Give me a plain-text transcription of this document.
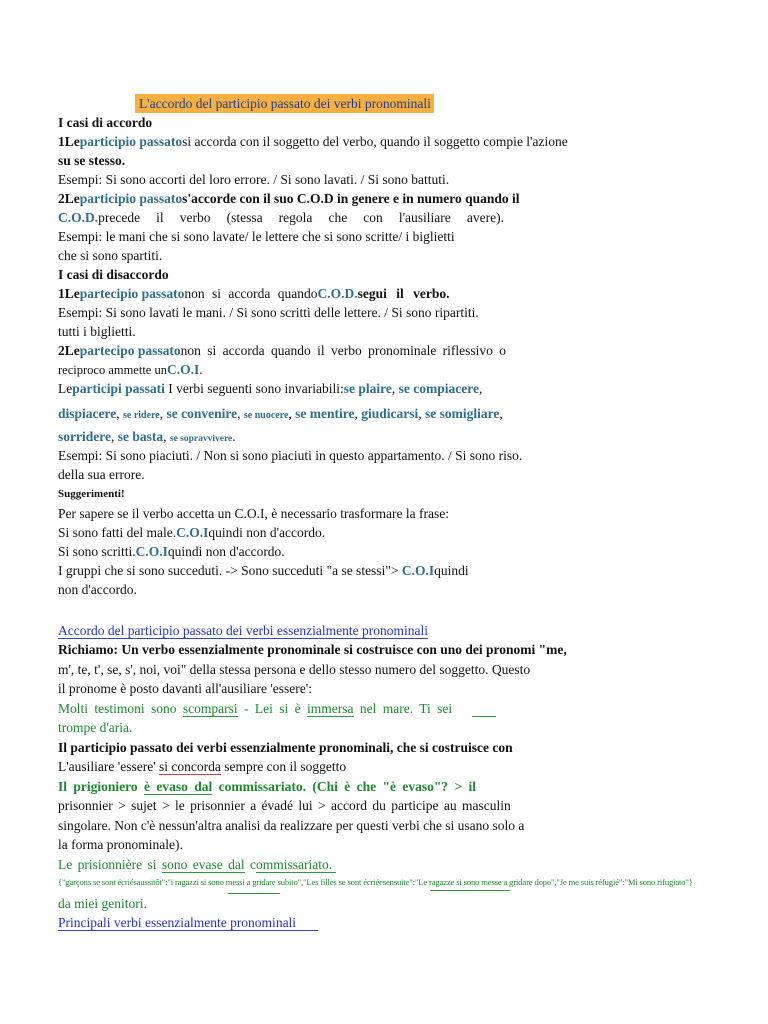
L'accordo del participio passato dei verbi pronominali
I casi di accordo
1Leparticipio passatosi accorda con il soggetto del verbo, quando il soggetto compie l'azione
su se stesso.
Esempi: Si sono accorti del loro errore. / Si sono lavati. / Si sono battuti.
2Leparticipio passatos'accorde con il suo C.O.D in genere e in numero quando il
C.O.D.precede il verbo (stessa regola che con l'ausiliare avere).
Esempi: le mani che si sono lavate/ le lettere che si sono scritte/ i biglietti
che si sono spartiti.
I casi di disaccordo
1Lepartecipio passatonon si accorda quandoC.O.D.segui il verbo.
Esempi: Si sono lavati le mani. / Si sono scritti delle lettere. / Si sono ripartiti.
tutti i biglietti.
2Lepartecipo passatonon si accorda quando il verbo pronominale riflessivo o
reciproco ammette unC.O.I.
Leparticipi passati I verbi seguenti sono invariabili:se plaire, se compiacere,
dispiacere, se ridere, se convenire, se nuocere, se mentire, giudicarsi, se somigliare,
sorridere, se basta, se sopravvivere.
Esempi: Si sono piaciuti. / Non si sono piaciuti in questo appartamento. / Si sono riso.
della sua errore.
Suggerimenti!
Per sapere se il verbo accetta un C.O.I, è necessario trasformare la frase:
Si sono fatti del male.C.O.Iquindi non d'accordo.
Si sono scritti.C.O.Iquindi non d'accordo.
I gruppi che si sono succeduti. -> Sono succeduti "a se stessi"> C.O.Iquindi
non d'accordo.
Accordo del participio passato dei verbi essenzialmente pronominali
Richiamo: Un verbo essenzialmente pronominale si costruisce con uno dei pronomi "me,
m', te, t', se, s', noi, voi" della stessa persona e dello stesso numero del soggetto. Questo
il pronome è posto davanti all'ausiliare 'essere':
Molti testimoni sono scomparsi - Lei si è immersa nel mare. Ti sei
trompe d'aria.
Il participio passato dei verbi essenzialmente pronominali, che si costruisce con
L'ausiliare 'essere' si concorda sempre con il soggetto
Il prigioniero è evaso dal commissariato. (Chi è che "è evaso"? > il
prisonnier > sujet > le prisonnier a évadé lui > accord du participe au masculin
singolare. Non c'è nessun'altra analisi da realizzare per questi verbi che si usano solo a
la forma pronominale).
Le prisionnière si sono evase dal commissariato.
{"garçons se sont écriésaussitôt":"i ragazzi si sono messi a gridare subito","Les filles se sont écriéesensuite":"Le ragazze si sono messe a gridare dopo","Je me suis réfugié":"Mi sono rifugiato"}
da miei genitori.
Principali verbi essenzialmente pronominali
